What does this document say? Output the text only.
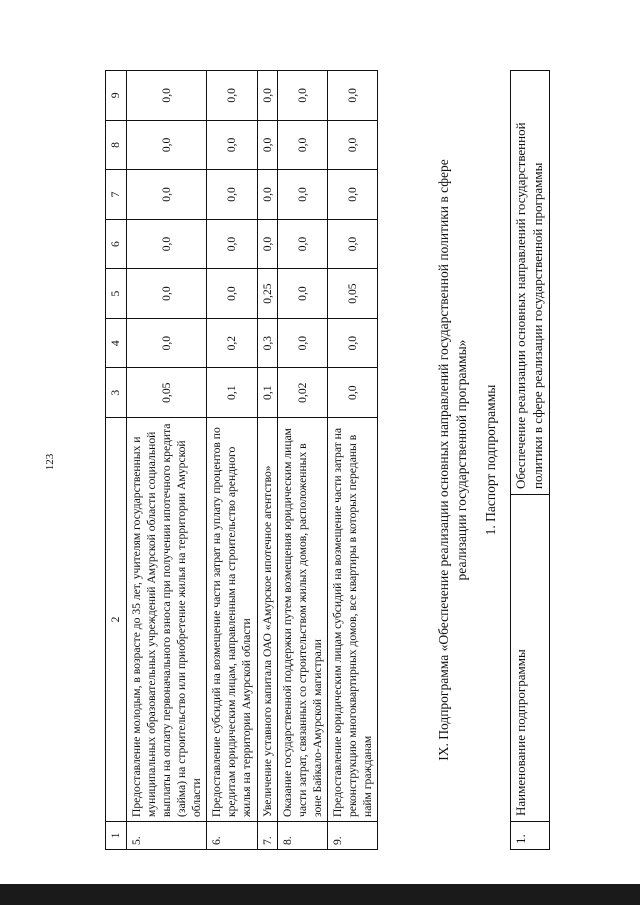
123
1	2	3	4	5	6	7	8	9
5.	Предоставление молодым, в возрасте до 35 лет, учителям государственных и муниципальных образовательных учреждений Амурской области социальной выплаты на оплату первоначального взноса при получении ипотечного кредита (займа) на строительство или приобретение жилья на территории Амурской области	0,05	0,0	0,0	0,0	0,0	0,0	0,0
6.	Предоставление субсидий на возмещение части затрат на уплату процентов по кредитам юридическим лицам, направленным на строительство арендного жилья на территории Амурской области	0,1	0,2	0,0	0,0	0,0	0,0	0,0
7.	Увеличение уставного капитала ОАО «Амурское ипотечное агентство»	0,1	0,3	0,25	0,0	0,0	0,0	0,0
8.	Оказание государственной поддержки путем возмещения юридическим лицам части затрат, связанных со строительством жилых домов, расположенных в зоне Байкало-Амурской магистрали	0,02	0,0	0,0	0,0	0,0	0,0	0,0
9.	Предоставление юридическим лицам субсидий на возмещение части затрат на реконструкцию многоквартирных домов, все квартиры в которых переданы в найм гражданам	0,0	0,0	0,05	0,0	0,0	0,0	0,0
IX. Подпрограмма «Обеспечение реализации основных направлений государственной политики в сфере реализации государственной программы» 1. Паспорт подпрограммы
1.	Наименование подпрограммы	Обеспечение реализации основных направлений государственной политики в сфере реализации государственной программы
